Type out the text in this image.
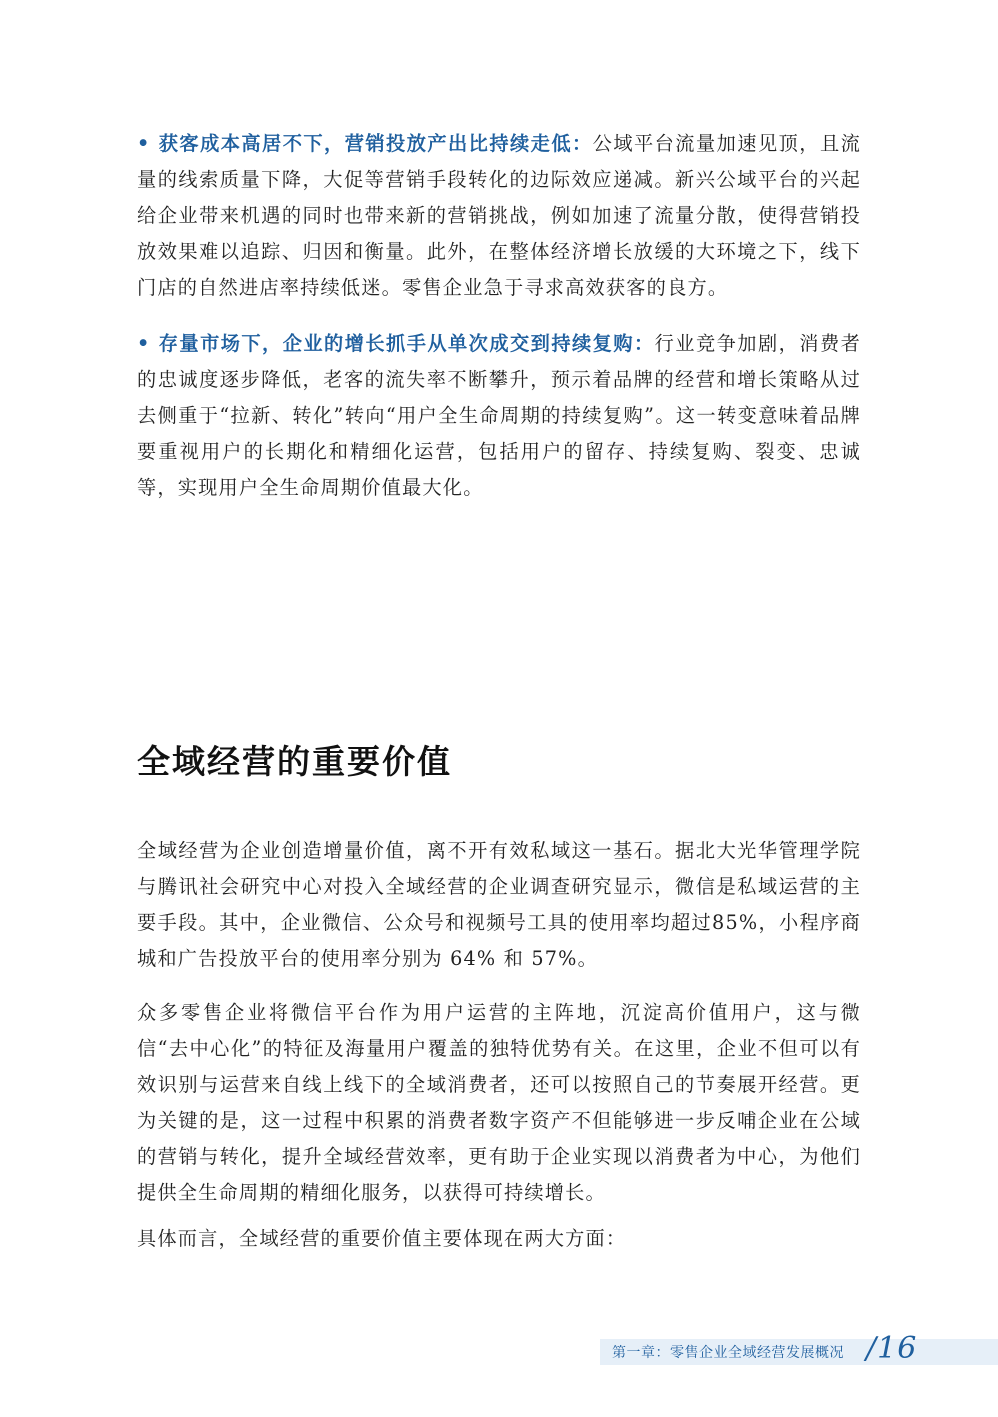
• 获客成本高居不下，营销投放产出比持续走低：公域平台流量加速见顶，且流量的线索质量下降，大促等营销手段转化的边际效应递减。新兴公域平台的兴起给企业带来机遇的同时也带来新的营销挑战，例如加速了流量分散，使得营销投放效果难以追踪、归因和衡量。此外，在整体经济增长放缓的大环境之下，线下门店的自然进店率持续低迷。零售企业急于寻求高效获客的良方。

• 存量市场下，企业的增长抓手从单次成交到持续复购：行业竞争加剧，消费者的忠诚度逐步降低，老客的流失率不断攀升，预示着品牌的经营和增长策略从过去侧重于“拉新、转化”转向“用户全生命周期的持续复购”。这一转变意味着品牌要重视用户的长期化和精细化运营，包括用户的留存、持续复购、裂变、忠诚等，实现用户全生命周期价值最大化。

全域经营的重要价值

全域经营为企业创造增量价值，离不开有效私域这一基石。据北大光华管理学院与腾讯社会研究中心对投入全域经营的企业调查研究显示，微信是私域运营的主要手段。其中，企业微信、公众号和视频号工具的使用率均超过85%，小程序商城和广告投放平台的使用率分别为 64% 和 57%。

众多零售企业将微信平台作为用户运营的主阵地，沉淀高价值用户，这与微信“去中心化”的特征及海量用户覆盖的独特优势有关。在这里，企业不但可以有效识别与运营来自线上线下的全域消费者，还可以按照自己的节奏展开经营。更为关键的是，这一过程中积累的消费者数字资产不但能够进一步反哺企业在公域的营销与转化，提升全域经营效率，更有助于企业实现以消费者为中心，为他们提供全生命周期的精细化服务，以获得可持续增长。

具体而言，全域经营的重要价值主要体现在两大方面：

第一章：零售企业全域经营发展概况 /16
